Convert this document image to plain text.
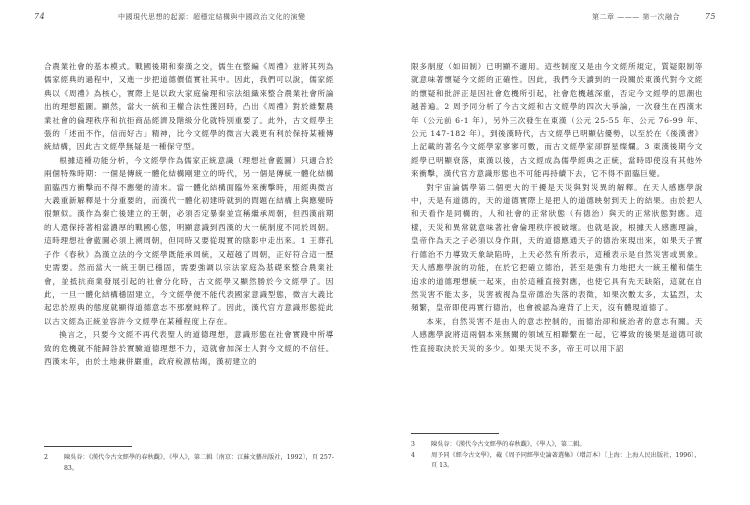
74	中國現代思想的起源：超穩定結構與中國政治文化的演變

合農業社會的基本模式。戰國後期和秦漢之交，儒生在整編《周禮》並將其列為儒家經典的過程中，又進一步把道德價值實社其中。因此，我們可以說，儒家經典以《周禮》為核心，實際上是以政大家庭倫理和宗法組織來整合農業社會所論出的理想藍圖。顯然，當大一統和王權合法性獲回時，凸出《周禮》對於維繫農業社會的倫理秩序和抗拒商品經濟及階級分化就特別重要了。此外，古文經學主張的「述而不作，信而好古」精神，比今文經學的微言大義更有利於保持某種傳統結構，因此古文經學無疑是一種保守型。

根據這種功能分析，今文經學作為儒家正統意識（理想社會藍圖）只適合於兩個特殊時期：一個是傳統一體化結構剛建立的時代，另一個是傳統一體化結構面臨西方衝擊而不得不應變的清末。當一體化結構面臨外來衝擊時，用經典微言大義重新解釋是十分重要的，而漢代一體化初建時就到的問題在結構上與應變時很類似。漢作為秦亡後建立的王朝，必須否定暴秦並宣稱繼承周朝，但西漢前期的人還保持著相當濃厚的戰國心態，明顯意識到西漢的大一統制度不同於周朝。這時理想社會藍圖必須上溯周朝，但同時又要從現實的陰影中走出來。1 王葬孔子作《春秋》為漢立法的今文經學既能承周統，又超越了周朝，正好符合這一歷史需要。然而當大一統王朝已穩固，需要強調以宗法家庭為基礎來整合農業社會，並抵抗商業發展引起的社會分化時，古文經學又顯然勝於今文經學了。因此，一旦一體化結構穩固建立，今文經學便不能代表國家意識型態，微言大義比起忠於原典的態度就顯得道德意志不那麼純粹了。因此，漢代官方意識形態從此以古文經為正統並容許今文經學在某種程度上存在。

換言之，只要今文經不再代表聖人的道德理想，意識形態在社會實踐中所導致的危機就不能歸咎於實驗道德理想不力，這就會加深士人對今文經的不信任。西漢末年，由於土地兼併嚴重，政府稅源枯竭，漢初建立的

2	陳吳谷：《漢代今古文經學的春秋觀》，《學人》，第二輯〔南京：江蘇文藝出版社，1992〕，頁 257-83。
第二章 ——— 第一次融合	75

限多制度（如田制）已明顯不適用。這些制度又是由今文經所規定，質疑限制等就意味著懷疑今文經的正確性。因此，我們今天讀到的一段關於東漢代對今文經的懷疑和批評正是因社會危機所引起，社會危機越深重，否定今文經學的思潮也越普遍。2 周予同分析了今古文經和古文經學的四次大爭論，一次發生在西漢末年（公元前 6-1 年），另外三次發生在東漢（公元 25-55 年、公元 76-99 年、公元 147-182 年），到後漢時代，古文經學已明顯佔優勢，以至於在《後漢書》上記載的著名今文經學家寥寥可數，而古文經學家卻群星燦爛。3 東漢後期今文經學已明顯衰落，東漢以後，古文經成為儒學經典之正統，當時即使沒有其他外來衝擊，漢代官方意識形態也不可能再持續下去，它不得不面臨巨變。

對宇宙論儒學第二個更大的干擾是天災與對災異的解釋。在天人感應學說中，天是有道德的，天的道德實際上是把人的道德映射到天上的結果。由於把人和天看作是同構的，人和社會的正常狀態（有德治）與天的正常狀態對應。這樣，天災和異常就意味著社會倫理秩序被破壞。也就是說，根據天人感應理論，皇帝作為天之子必須以身作則，天的道德應通天子的德治來現出來，如果天子實行德治不力導致天象缺陷時，上天必然有所表示，這種表示是自然災害或異象。天人感應學說的功能，在於它把確立德治，甚至是強有力地把大一統王權和儒生追求的道德理想統一起來，由於這種直接對應，也使它具有先天缺陷，這就在自然災害不能太多，災害被視為皇帝德治失落的表徵，如果次數太多，太猛烈，太頻繁，皇帝即使再實行德治，也會被認為違背了上天，沒有體現道德了。

本來，自然災害不是由人的意志控制的，而德治卻和統治者的意志有關。天人感應學說將這兩個本來無關的領域互相聯繫在一起，它導致的後果是道德可欲性直接取決於天災的多少。如果天災不多，帝王可以用下詔

3	陳吳谷：《漢代今古文經學的春秋觀》，《學人》，第二輯。
4	周予同《經今古文學》，載《周予同經學史論著選集》（增訂本）〔上海：上海人民出版社，1996〕，頁 13。
